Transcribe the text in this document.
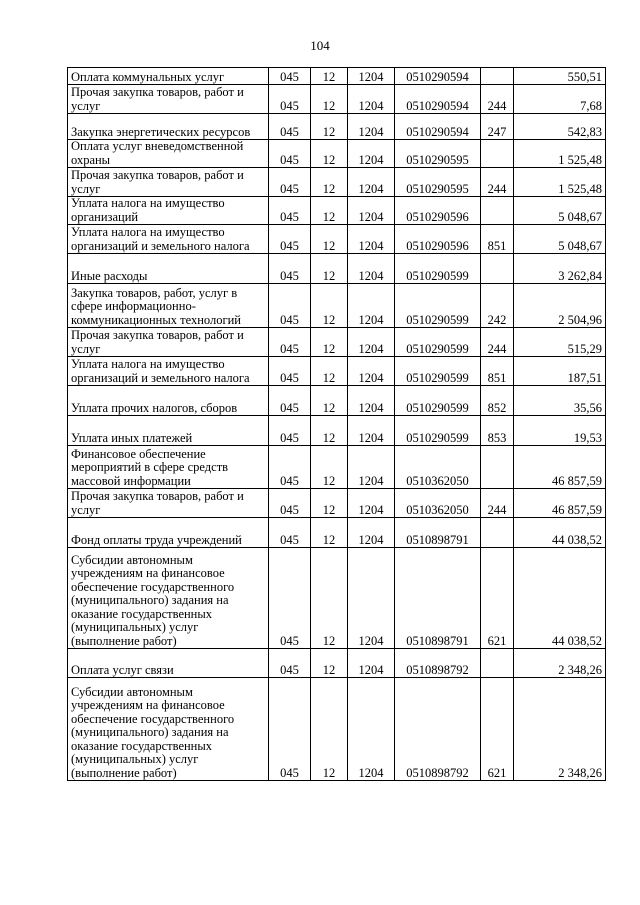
104
Оплата коммунальных услуг	045	12	1204	0510290594		550,51
Прочая закупка товаров, работ и услуг	045	12	1204	0510290594	244	7,68
Закупка энергетических ресурсов	045	12	1204	0510290594	247	542,83
Оплата услуг вневедомственной охраны	045	12	1204	0510290595		1 525,48
Прочая закупка товаров, работ и услуг	045	12	1204	0510290595	244	1 525,48
Уплата налога на имущество организаций	045	12	1204	0510290596		5 048,67
Уплата налога на имущество организаций и земельного налога	045	12	1204	0510290596	851	5 048,67
Иные расходы	045	12	1204	0510290599		3 262,84
Закупка товаров, работ, услуг в сфере информационно-коммуникационных технологий	045	12	1204	0510290599	242	2 504,96
Прочая закупка товаров, работ и услуг	045	12	1204	0510290599	244	515,29
Уплата налога на имущество организаций и земельного налога	045	12	1204	0510290599	851	187,51
Уплата прочих налогов, сборов	045	12	1204	0510290599	852	35,56
Уплата иных платежей	045	12	1204	0510290599	853	19,53
Финансовое обеспечение мероприятий в сфере средств массовой информации	045	12	1204	0510362050		46 857,59
Прочая закупка товаров, работ и услуг	045	12	1204	0510362050	244	46 857,59
Фонд оплаты труда учреждений	045	12	1204	0510898791		44 038,52
Субсидии автономным учреждениям на финансовое обеспечение государственного (муниципального) задания на оказание государственных (муниципальных) услуг (выполнение работ)	045	12	1204	0510898791	621	44 038,52
Оплата услуг связи	045	12	1204	0510898792		2 348,26
Субсидии автономным учреждениям на финансовое обеспечение государственного (муниципального) задания на оказание государственных (муниципальных) услуг (выполнение работ)	045	12	1204	0510898792	621	2 348,26
